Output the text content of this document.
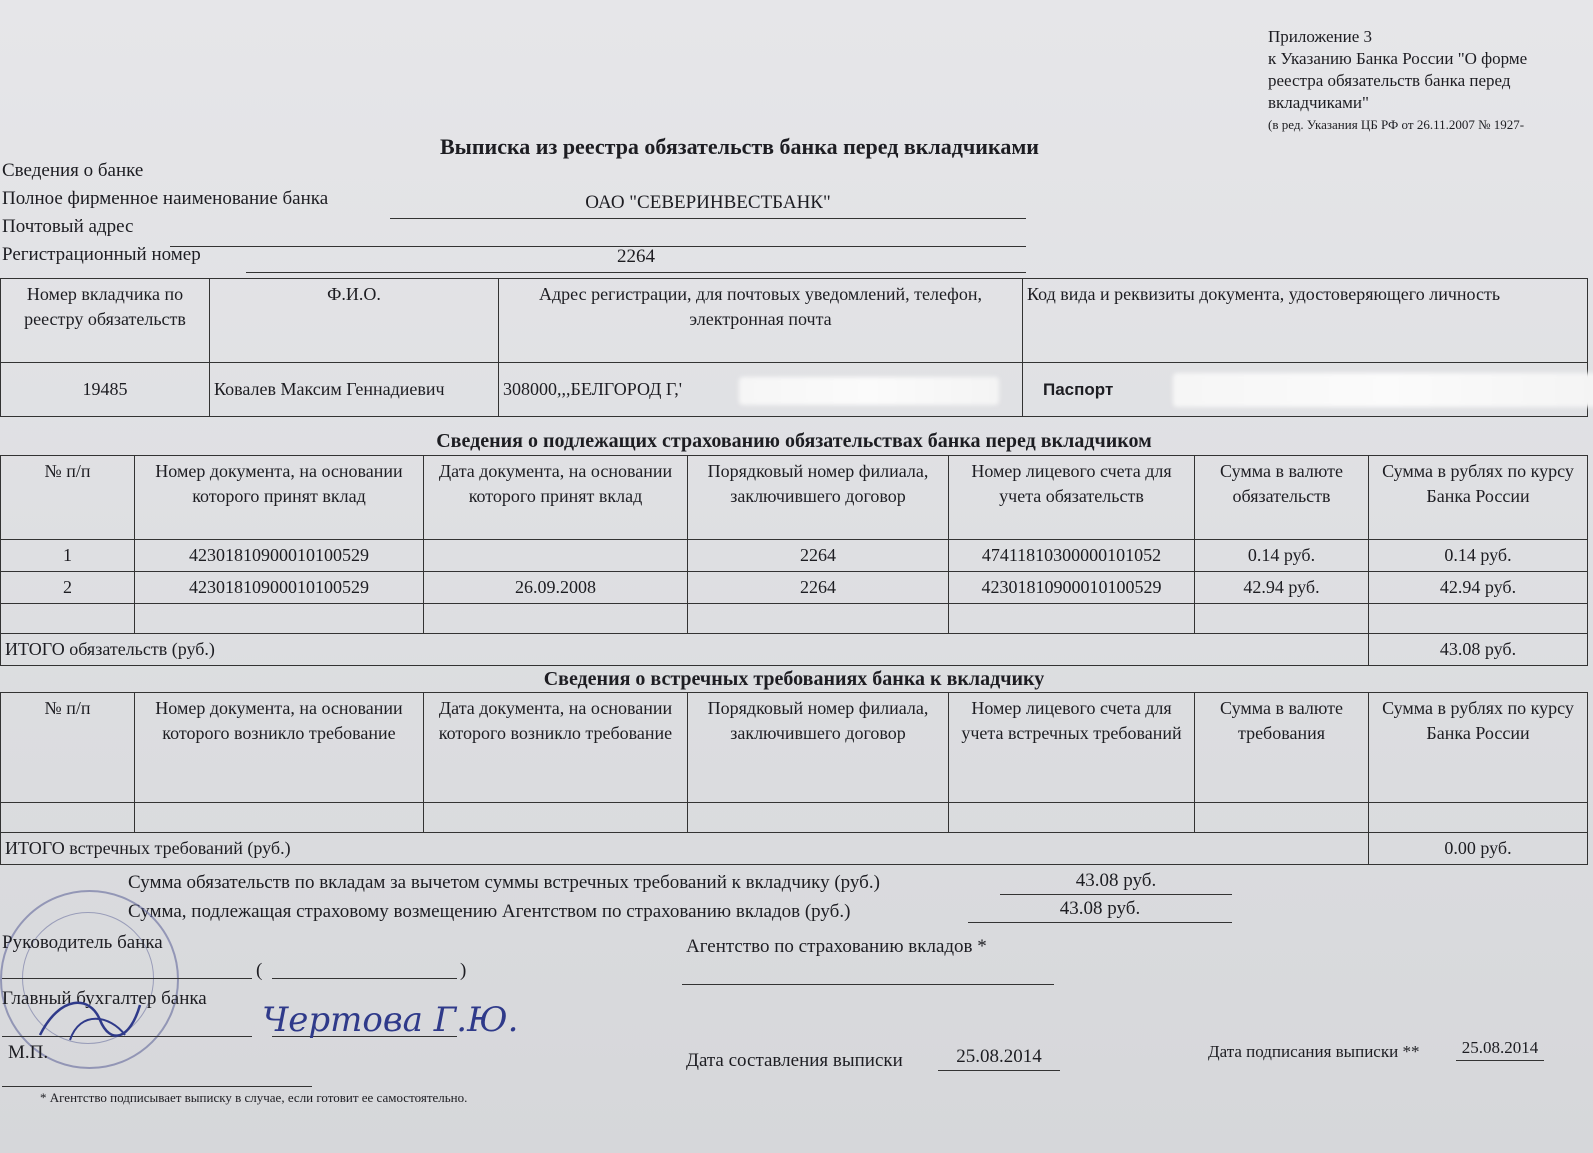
Приложение 3
к Указанию Банка России "О форме
реестра обязательств банка перед
вкладчиками"
(в ред. Указания ЦБ РФ от 26.11.2007 № 1927-
Выписка из реестра обязательств банка перед вкладчиками
Сведения о банке
Полное фирменное наименование банка	ОАО "СЕВЕРИНВЕСТБАНК"
Почтовый адрес
Регистрационный номер	2264
Номер вкладчика по реестру обязательств	Ф.И.О.	Адрес регистрации, для почтовых уведомлений, телефон, электронная почта	Код вида и реквизиты документа, удостоверяющего личность
19485	Ковалев Максим Геннадиевич	308000,,,БЕЛГОРОД Г,'	Паспорт
Сведения о подлежащих страхованию обязательствах банка перед вкладчиком
№ п/п	Номер документа, на основании которого принят вклад	Дата документа, на основании которого принят вклад	Порядковый номер филиала, заключившего договор	Номер лицевого счета для учета обязательств	Сумма в валюте обязательств	Сумма в рублях по курсу Банка России
1	42301810900010100529		2264	47411810300000101052	0.14 руб.	0.14 руб.
2	42301810900010100529	26.09.2008	2264	42301810900010100529	42.94 руб.	42.94 руб.

ИТОГО обязательств (руб.)						43.08 руб.
Сведения о встречных требованиях банка к вкладчику
№ п/п	Номер документа, на основании которого возникло требование	Дата документа, на основании которого возникло требование	Порядковый номер филиала, заключившего договор	Номер лицевого счета для учета встречных требований	Сумма в валюте требования	Сумма в рублях по курсу Банка России

ИТОГО встречных требований (руб.)						0.00 руб.
Сумма обязательств по вкладам за вычетом суммы встречных требований к вкладчику (руб.)	43.08 руб.
Сумма, подлежащая страховому возмещению Агентством по страхованию вкладов (руб.)	43.08 руб.
Руководитель банка
(	)
Главный бухгалтер банка
Чертова Г.Ю.
М.П.
* Агентство подписывает выписку в случае, если готовит ее самостоятельно.
Агентство по страхованию вкладов *
Дата составления выписки	25.08.2014	Дата подписания выписки **	25.08.2014
